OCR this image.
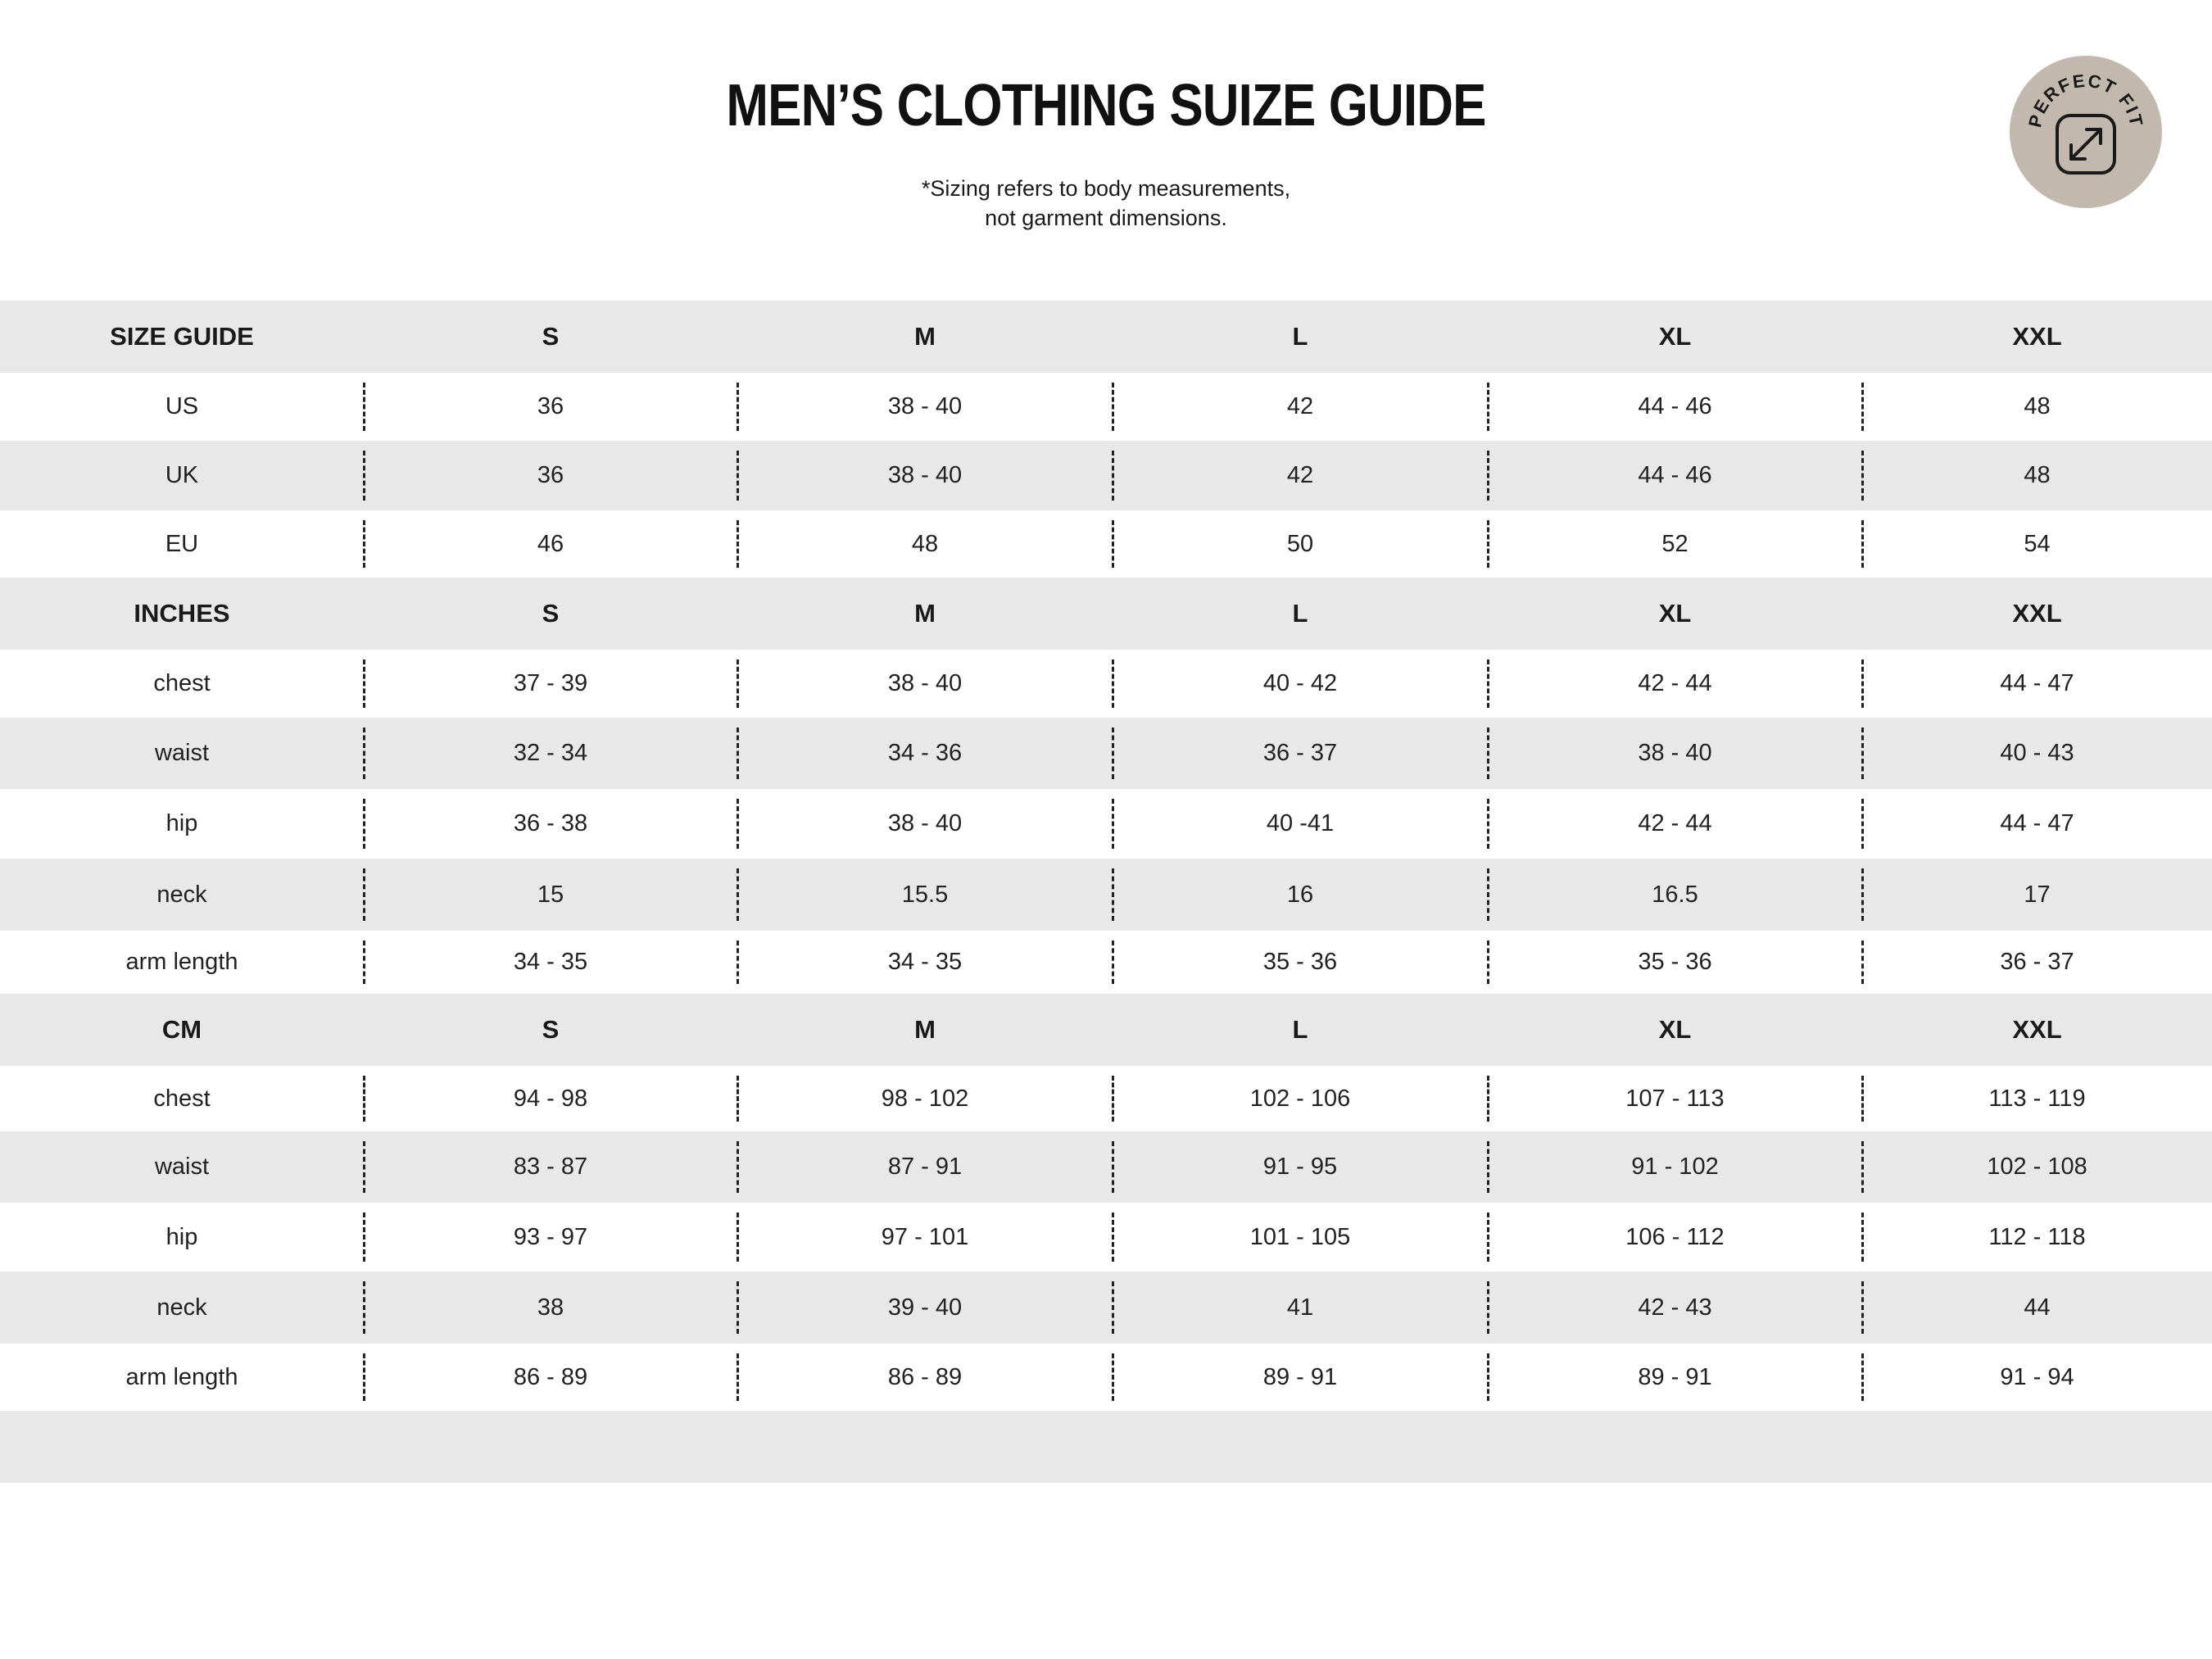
MEN’S CLOTHING SUIZE GUIDE
*Sizing refers to body measurements,
not garment dimensions.
PERFECT FIT
SIZE GUIDE	S	M	L	XL	XXL
US	36	38 - 40	42	44 - 46	48
UK	36	38 - 40	42	44 - 46	48
EU	46	48	50	52	54
INCHES	S	M	L	XL	XXL
chest	37 - 39	38 - 40	40 - 42	42 - 44	44 - 47
waist	32 - 34	34 - 36	36 - 37	38 - 40	40 - 43
hip	36 - 38	38 - 40	40 -41	42 - 44	44 - 47
neck	15	15.5	16	16.5	17
arm length	34 - 35	34 - 35	35 - 36	35 - 36	36 - 37
CM	S	M	L	XL	XXL
chest	94 - 98	98 - 102	102 - 106	107 - 113	113 - 119
waist	83 - 87	87 - 91	91 - 95	91 - 102	102 - 108
hip	93 - 97	97 - 101	101 - 105	106 - 112	112 - 118
neck	38	39 - 40	41	42 - 43	44
arm length	86 - 89	86 - 89	89 - 91	89 - 91	91 - 94
